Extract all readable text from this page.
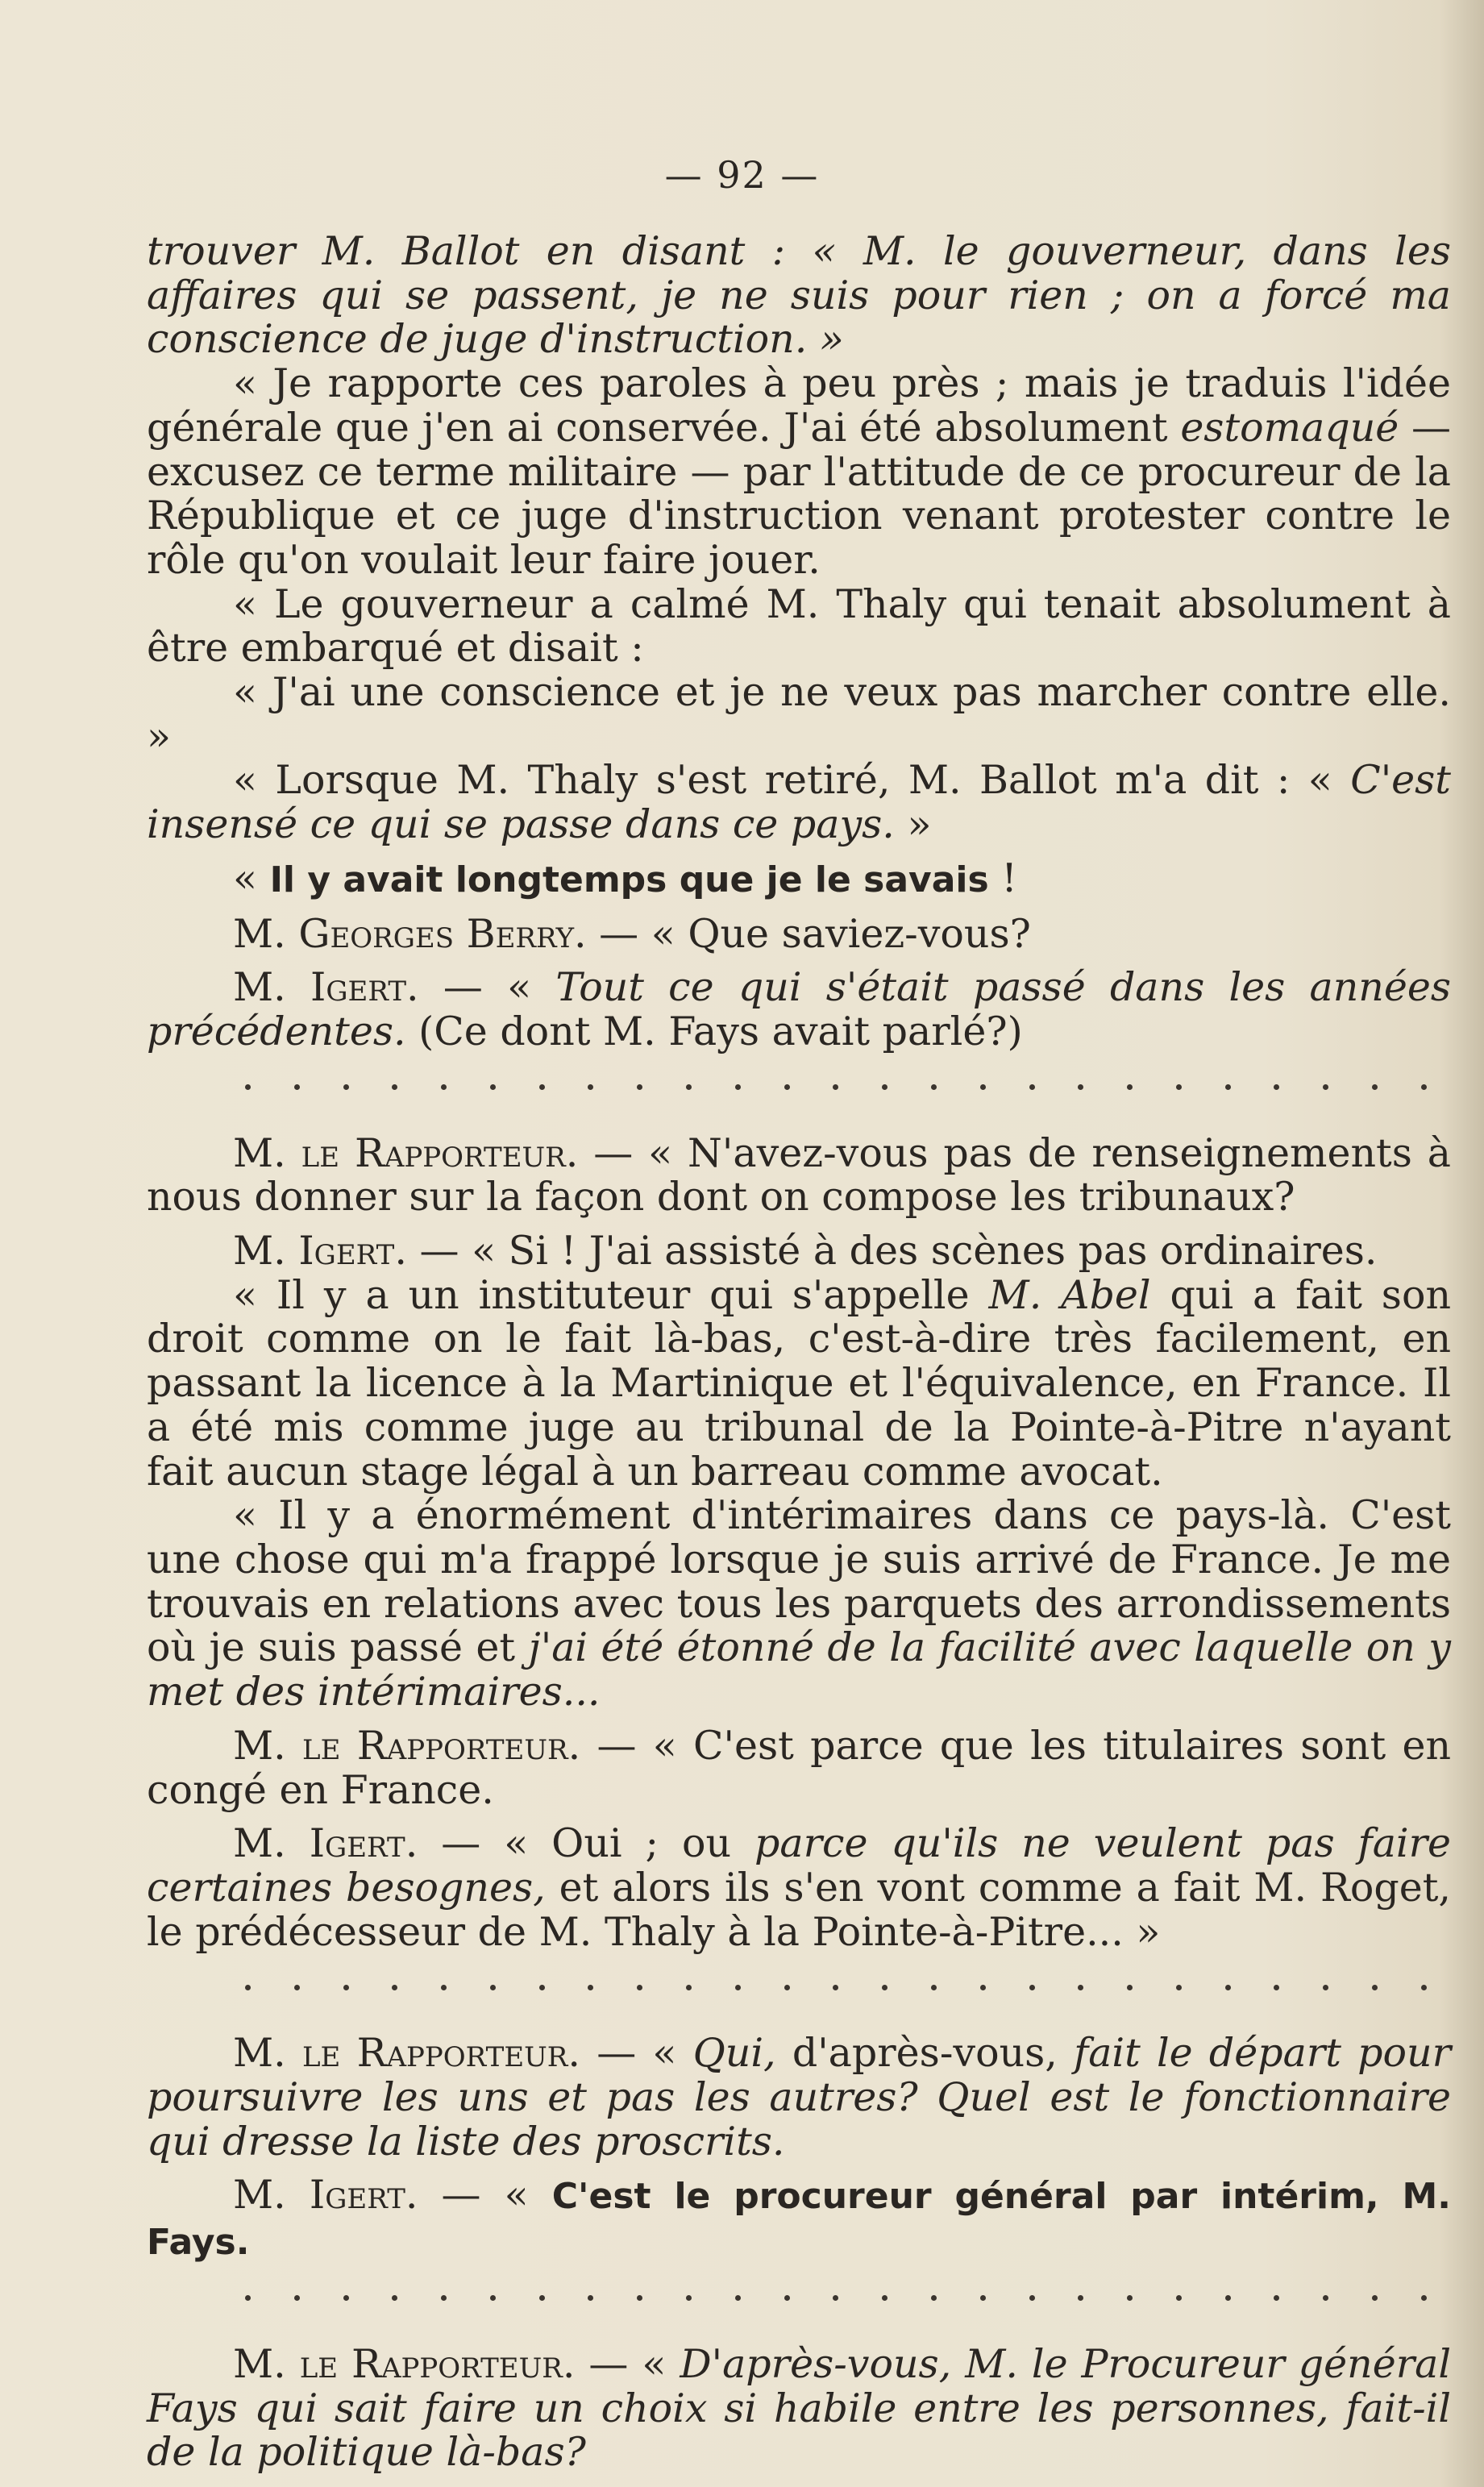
— 92 —

trouver M. Ballot en disant : « M. le gouverneur, dans les affaires qui se passent, je ne suis pour rien ; on a forcé ma conscience de juge d'instruction. »

« Je rapporte ces paroles à peu près ; mais je traduis l'idée générale que j'en ai conservée. J'ai été absolument estomaqué — excusez ce terme militaire — par l'attitude de ce procureur de la République et ce juge d'instruction venant protester contre le rôle qu'on voulait leur faire jouer.

« Le gouverneur a calmé M. Thaly qui tenait absolument à être embarqué et disait :

« J'ai une conscience et je ne veux pas marcher contre elle. »

« Lorsque M. Thaly s'est retiré, M. Ballot m'a dit : « C'est insensé ce qui se passe dans ce pays. »

« Il y avait longtemps que je le savais !

M. Georges Berry. — « Que saviez-vous?

M. Igert. — « Tout ce qui s'était passé dans les années précédentes. (Ce dont M. Fays avait parlé?)

M. le Rapporteur. — « N'avez-vous pas de renseignements à nous donner sur la façon dont on compose les tribunaux?

M. Igert. — « Si ! J'ai assisté à des scènes pas ordinaires.

« Il y a un instituteur qui s'appelle M. Abel qui a fait son droit comme on le fait là-bas, c'est-à-dire très facilement, en passant la licence à la Martinique et l'équivalence, en France. Il a été mis comme juge au tribunal de la Pointe-à-Pitre n'ayant fait aucun stage légal à un barreau comme avocat.

« Il y a énormément d'intérimaires dans ce pays-là. C'est une chose qui m'a frappé lorsque je suis arrivé de France. Je me trouvais en relations avec tous les parquets des arrondissements où je suis passé et j'ai été étonné de la facilité avec laquelle on y met des intérimaires...

M. le Rapporteur. — « C'est parce que les titulaires sont en congé en France.

M. Igert. — « Oui ; ou parce qu'ils ne veulent pas faire certaines besognes, et alors ils s'en vont comme a fait M. Roget, le prédécesseur de M. Thaly à la Pointe-à-Pitre... »

M. le Rapporteur. — « Qui, d'après-vous, fait le départ pour poursuivre les uns et pas les autres? Quel est le fonctionnaire qui dresse la liste des proscrits.

M. Igert. — « C'est le procureur général par intérim, M. Fays.

M. le Rapporteur. — « D'après-vous, M. le Procureur général Fays qui sait faire un choix si habile entre les personnes, fait-il de la politique là-bas?
